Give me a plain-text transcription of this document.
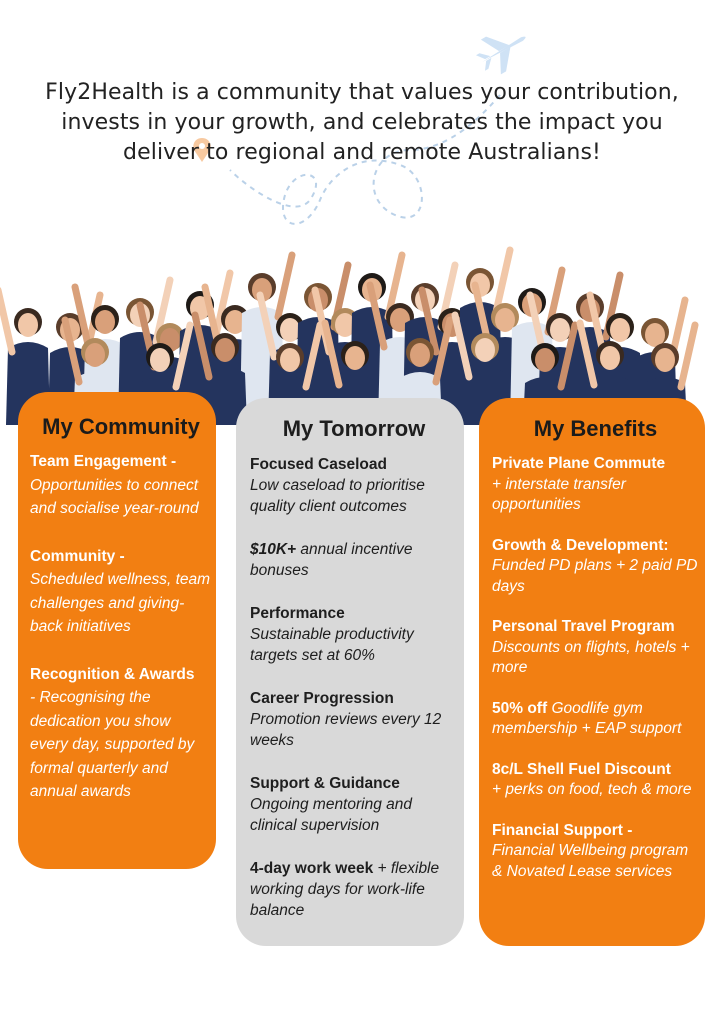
Fly2Health is a community that values your contribution, invests in your growth, and celebrates the impact you deliver to regional and remote Australians!
My Community
Team Engagement -
Opportunities to connect and socialise year-round
Community -
Scheduled wellness, team challenges and giving-back initiatives
Recognition & Awards
- Recognising the dedication you show every day, supported by formal quarterly and annual awards
My Tomorrow
Focused Caseload
Low caseload to prioritise quality client outcomes
$10K+ annual incentive bonuses
Performance
Sustainable productivity targets set at 60%
Career Progression
Promotion reviews every 12 weeks
Support & Guidance
Ongoing mentoring and clinical supervision
4-day work week + flexible working days for work-life balance
My Benefits
Private Plane Commute
+ interstate transfer opportunities
Growth & Development:
Funded PD plans + 2 paid PD days
Personal Travel Program
Discounts on flights, hotels + more
50% off Goodlife gym membership + EAP support
8c/L Shell Fuel Discount
+ perks on food, tech & more
Financial Support -
Financial Wellbeing program & Novated Lease services
